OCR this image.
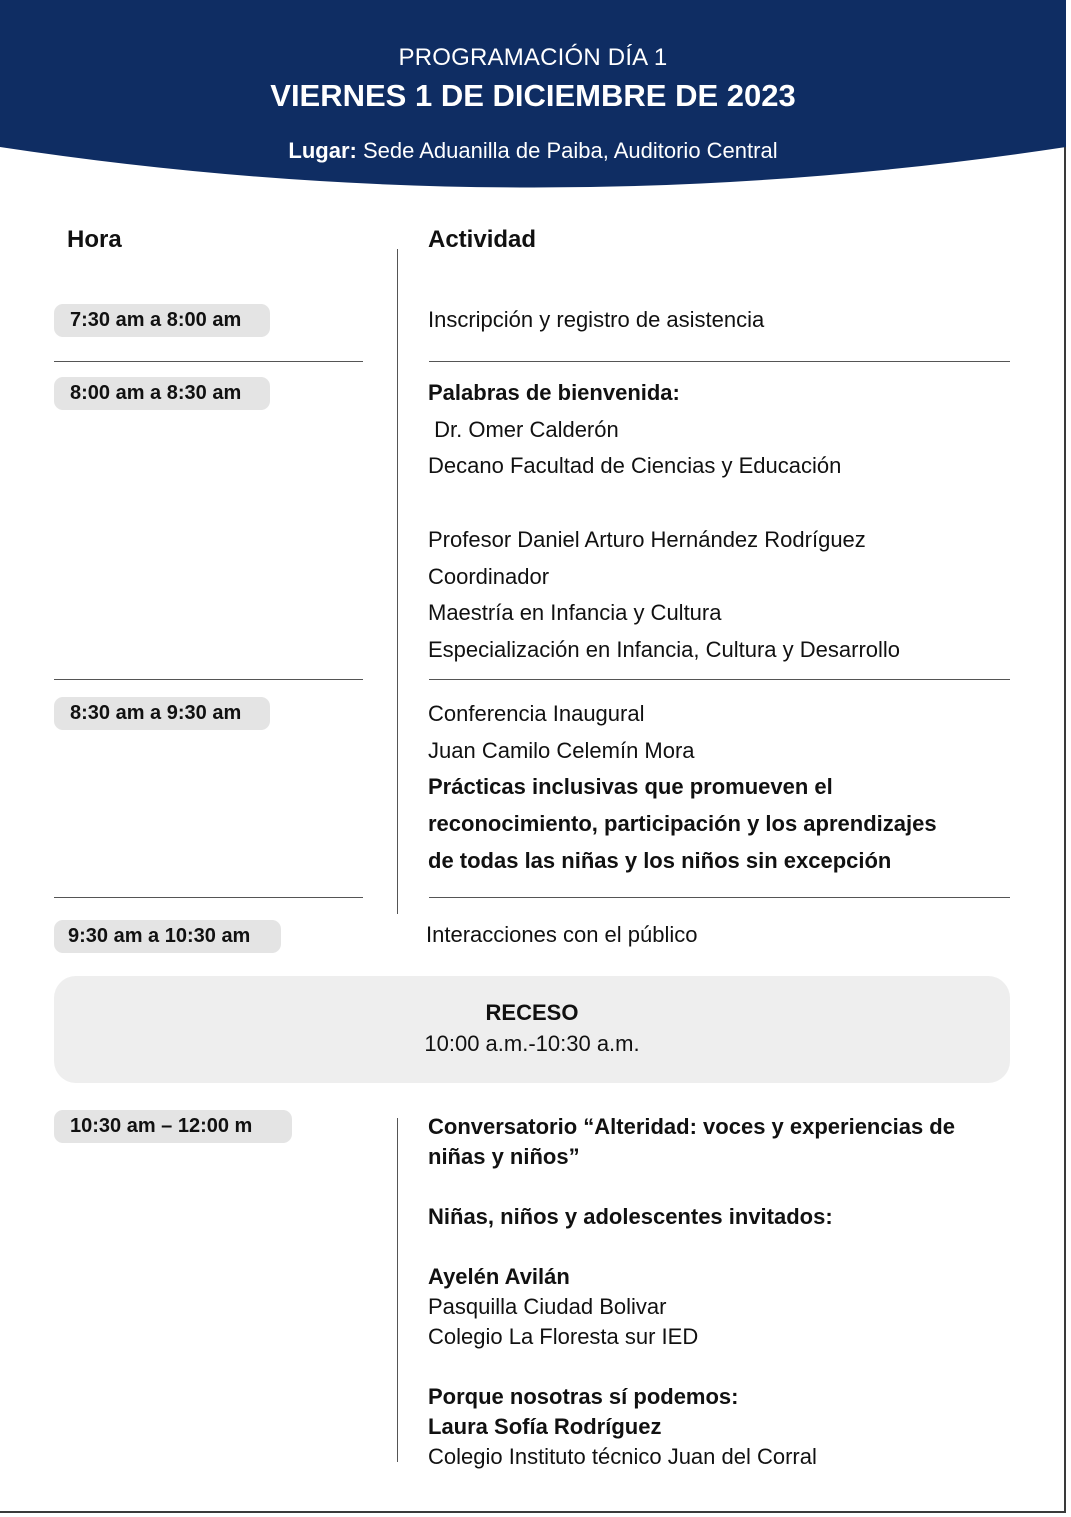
PROGRAMACIÓN DÍA 1
VIERNES 1 DE DICIEMBRE DE 2023
Lugar: Sede Aduanilla de Paiba, Auditorio Central
Hora	Actividad
7:30 am a 8:00 am
8:00 am a 8:30 am
8:30 am a 9:30 am
9:30 am a 10:30 am
10:30 am – 12:00 m
Inscripción y registro de asistencia
Palabras de bienvenida:
Dr. Omer Calderón
Decano Facultad de Ciencias y Educación
Profesor Daniel Arturo Hernández Rodríguez
Coordinador
Maestría en Infancia y Cultura
Especialización en Infancia, Cultura y Desarrollo
Conferencia Inaugural
Juan Camilo Celemín Mora
Prácticas inclusivas que promueven el
reconocimiento, participación y los aprendizajes
de todas las niñas y los niños sin excepción
Interacciones con el público
RECESO
10:00 a.m.-10:30 a.m.
Conversatorio “Alteridad: voces y experiencias de
niñas y niños”
Niñas, niños y adolescentes invitados:
Ayelén Avilán
Pasquilla Ciudad Bolivar
Colegio La Floresta sur IED
Porque nosotras sí podemos:
Laura Sofía Rodríguez
Colegio Instituto técnico Juan del Corral
